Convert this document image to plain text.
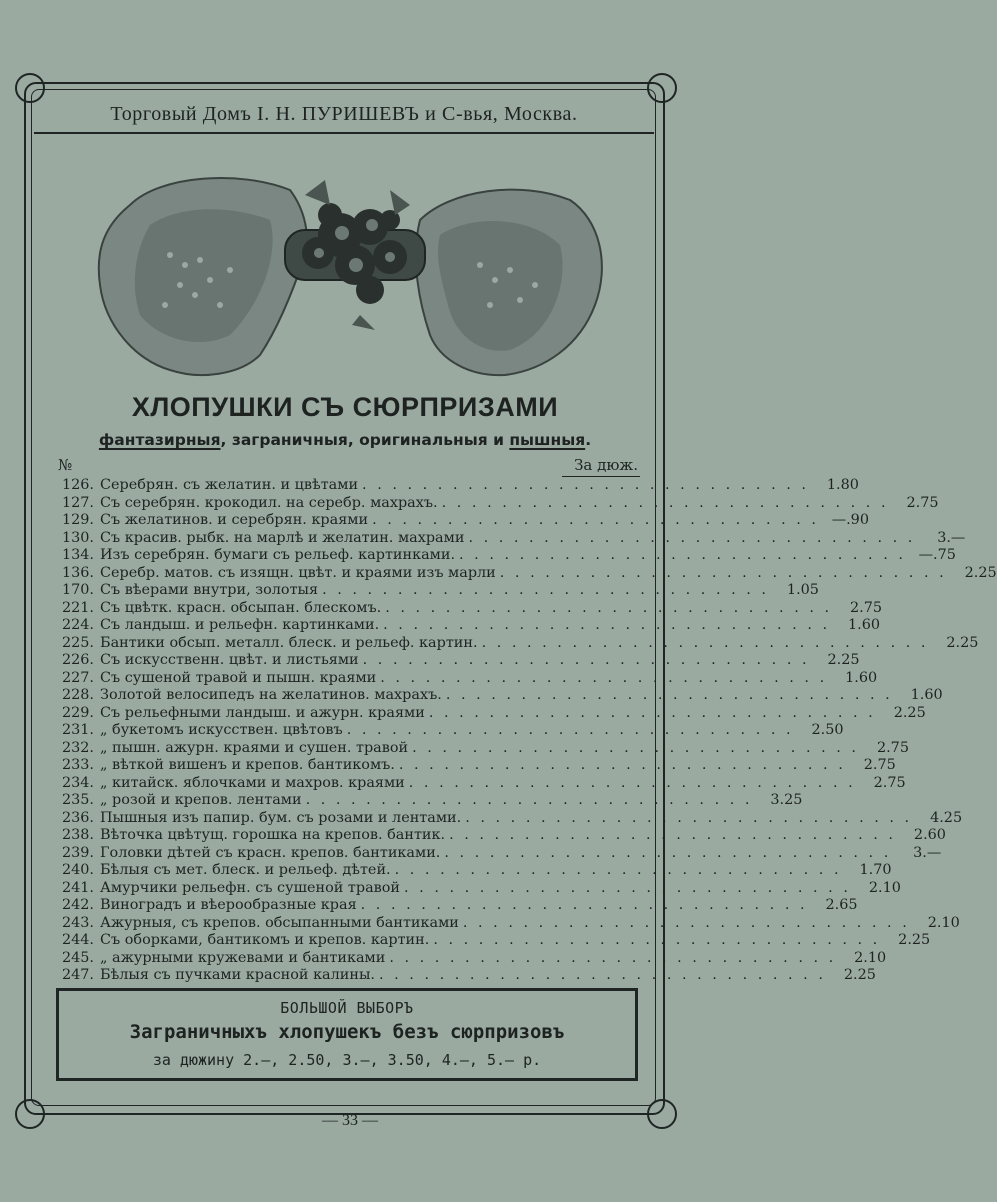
Торговый Домъ I. Н. ПУРИШЕВЪ и С-вья, Москва.
ХЛОПУШКИ СЪ СЮРПРИЗАМИ
фантазирныя, заграничныя, оригинальныя и пышныя.
№	За дюж.
126. Серебрян. съ желатин. и цвѣтами . . . . . . . . . . . . . . . . . . . . . . . . . . . . . .	1.80
127. Съ серебрян. крокодил. на серебр. махрахъ. . . . . . . . . . . . . . . . . . . . . . . . . . . . . . .	2.75
129. Съ желатинов. и серебрян. краями . . . . . . . . . . . . . . . . . . . . . . . . . . . . . . —.90
130. Съ красив. рыбк. на марлѣ и желатин. махрами . . . . . . . . . . . . . . . . . . . . . . . . . . . . . .	3.—
134. Изъ серебрян. бумаги съ рельеф. картинками. . . . . . . . . . . . . . . . . . . . . . . . . . . . . . . —.75
136. Серебр. матов. съ изящн. цвѣт. и краями изъ марли . . . . . . . . . . . . . . . . . . . . . . . . . . . . . .	2.25
170. Съ вѣерами внутри, золотыя . . . . . . . . . . . . . . . . . . . . . . . . . . . . . .	1.05
221. Съ цвѣтк. красн. обсыпан. блескомъ. . . . . . . . . . . . . . . . . . . . . . . . . . . . . . .	2.75
224. Съ ландыш. и рельефн. картинками. . . . . . . . . . . . . . . . . . . . . . . . . . . . . . .	1.60
225. Бантики обсып. металл. блеск. и рельеф. картин. . . . . . . . . . . . . . . . . . . . . . . . . . . . . . .	2.25
226. Съ искусственн. цвѣт. и листьями . . . . . . . . . . . . . . . . . . . . . . . . . . . . . .	2.25
227. Съ сушеной травой и пышн. краями . . . . . . . . . . . . . . . . . . . . . . . . . . . . . .	1.60
228. Золотой велосипедъ на желатинов. махрахъ. . . . . . . . . . . . . . . . . . . . . . . . . . . . . . .	1.60
229. Съ рельефными ландыш. и ажурн. краями . . . . . . . . . . . . . . . . . . . . . . . . . . . . . .	2.25
231. „ букетомъ искусствен. цвѣтовъ . . . . . . . . . . . . . . . . . . . . . . . . . . . . . .	2.50
232. „ пышн. ажурн. краями и сушен. травой . . . . . . . . . . . . . . . . . . . . . . . . . . . . . .	2.75
233. „ вѣткой вишенъ и крепов. бантикомъ. . . . . . . . . . . . . . . . . . . . . . . . . . . . . . .	2.75
234. „ китайск. яблочками и махров. краями . . . . . . . . . . . . . . . . . . . . . . . . . . . . . .	2.75
235. „ розой и крепов. лентами . . . . . . . . . . . . . . . . . . . . . . . . . . . . . .	3.25
236. Пышныя изъ папир. бум. съ розами и лентами. . . . . . . . . . . . . . . . . . . . . . . . . . . . . . .	4.25
238. Вѣточка цвѣтущ. горошка на крепов. бантик. . . . . . . . . . . . . . . . . . . . . . . . . . . . . . .	2.60
239. Головки дѣтей съ красн. крепов. бантиками. . . . . . . . . . . . . . . . . . . . . . . . . . . . . . .	3.—
240. Бѣлыя съ мет. блеск. и рельеф. дѣтей. . . . . . . . . . . . . . . . . . . . . . . . . . . . . . .	1.70
241. Амурчики рельефн. съ сушеной травой . . . . . . . . . . . . . . . . . . . . . . . . . . . . . .	2.10
242. Виноградъ и вѣерообразные края . . . . . . . . . . . . . . . . . . . . . . . . . . . . . .	2.65
243. Ажурныя, съ крепов. обсыпанными бантиками . . . . . . . . . . . . . . . . . . . . . . . . . . . . . .	2.10
244. Съ оборками, бантикомъ и крепов. картин. . . . . . . . . . . . . . . . . . . . . . . . . . . . . . .	2.25
245. „ ажурными кружевами и бантиками . . . . . . . . . . . . . . . . . . . . . . . . . . . . . .	2.10
247. Бѣлыя съ пучками красной калины. . . . . . . . . . . . . . . . . . . . . . . . . . . . . . .	2.25
БОЛЬШОЙ ВЫБОРЪ
Заграничныхъ хлопушекъ безъ сюрпризовъ
за дюжину 2.—, 2.50, 3.—, 3.50, 4.—, 5.— р.
— 33 —
